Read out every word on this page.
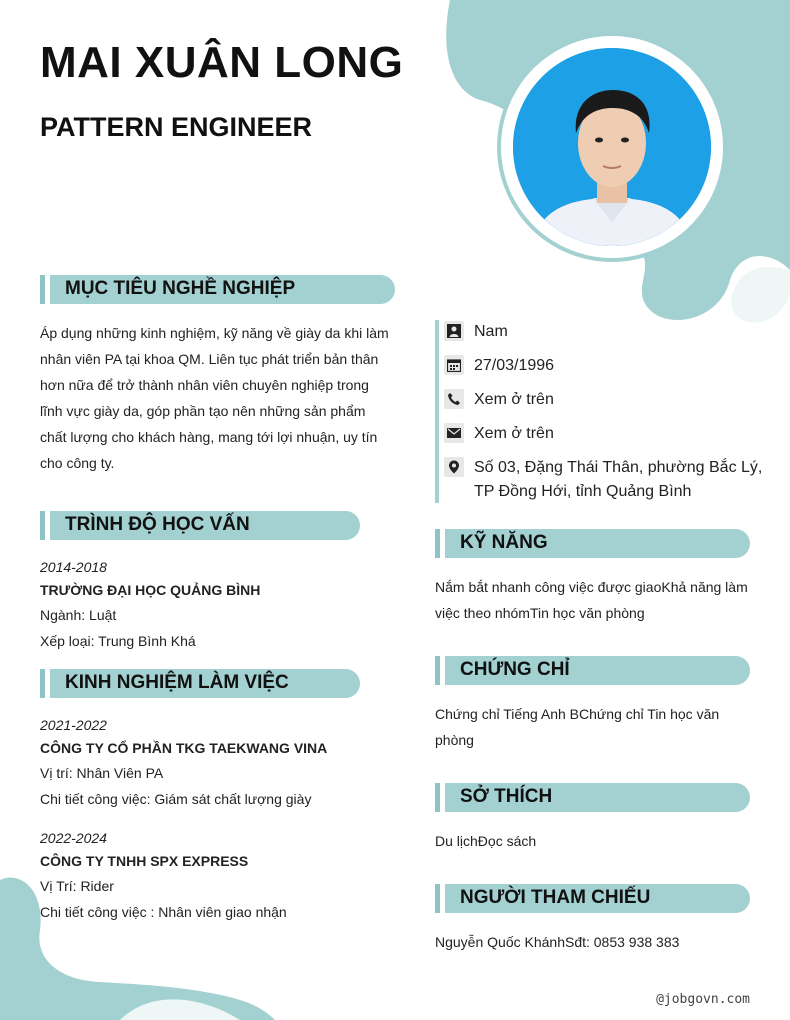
MAI XUÂN LONG
PATTERN ENGINEER
MỤC TIÊU NGHỀ NGHIỆP

Áp dụng những kinh nghiệm, kỹ năng về giày da khi làm nhân viên PA tại khoa QM. Liên tục phát triển bản thân hơn nữa để trở thành nhân viên chuyên nghiệp trong lĩnh vực giày da, góp phần tạo nên những sản phẩm chất lượng cho khách hàng, mang tới lợi nhuận, uy tín cho công ty.

TRÌNH ĐỘ HỌC VẤN
2014-2018
TRƯỜNG ĐẠI HỌC QUẢNG BÌNH
Ngành: Luật
Xếp loại: Trung Bình Khá
KINH NGHIỆM LÀM VIỆC
2021-2022
CÔNG TY CỔ PHẦN TKG TAEKWANG VINA
Vị trí: Nhân Viên PA
Chi tiết công việc: Giám sát chất lượng giày
2022-2024
CÔNG TY TNHH SPX EXPRESS
Vị Trí: Rider
Chi tiết công việc : Nhân viên giao nhận
Nam
27/03/1996
Xem ở trên
Xem ở trên
Số 03, Đặng Thái Thân, phường Bắc Lý,
TP Đồng Hới, tỉnh Quảng Bình
KỸ NĂNG

Nắm bắt nhanh công việc được giaoKhả năng làm việc theo nhómTin học văn phòng

CHỨNG CHỈ

Chứng chỉ Tiếng Anh BChứng chỉ Tin học văn phòng

SỞ THÍCH

Du lịchĐọc sách

NGƯỜI THAM CHIẾU

Nguyễn Quốc KhánhSđt: 0853 938 383

@jobgovn.com
